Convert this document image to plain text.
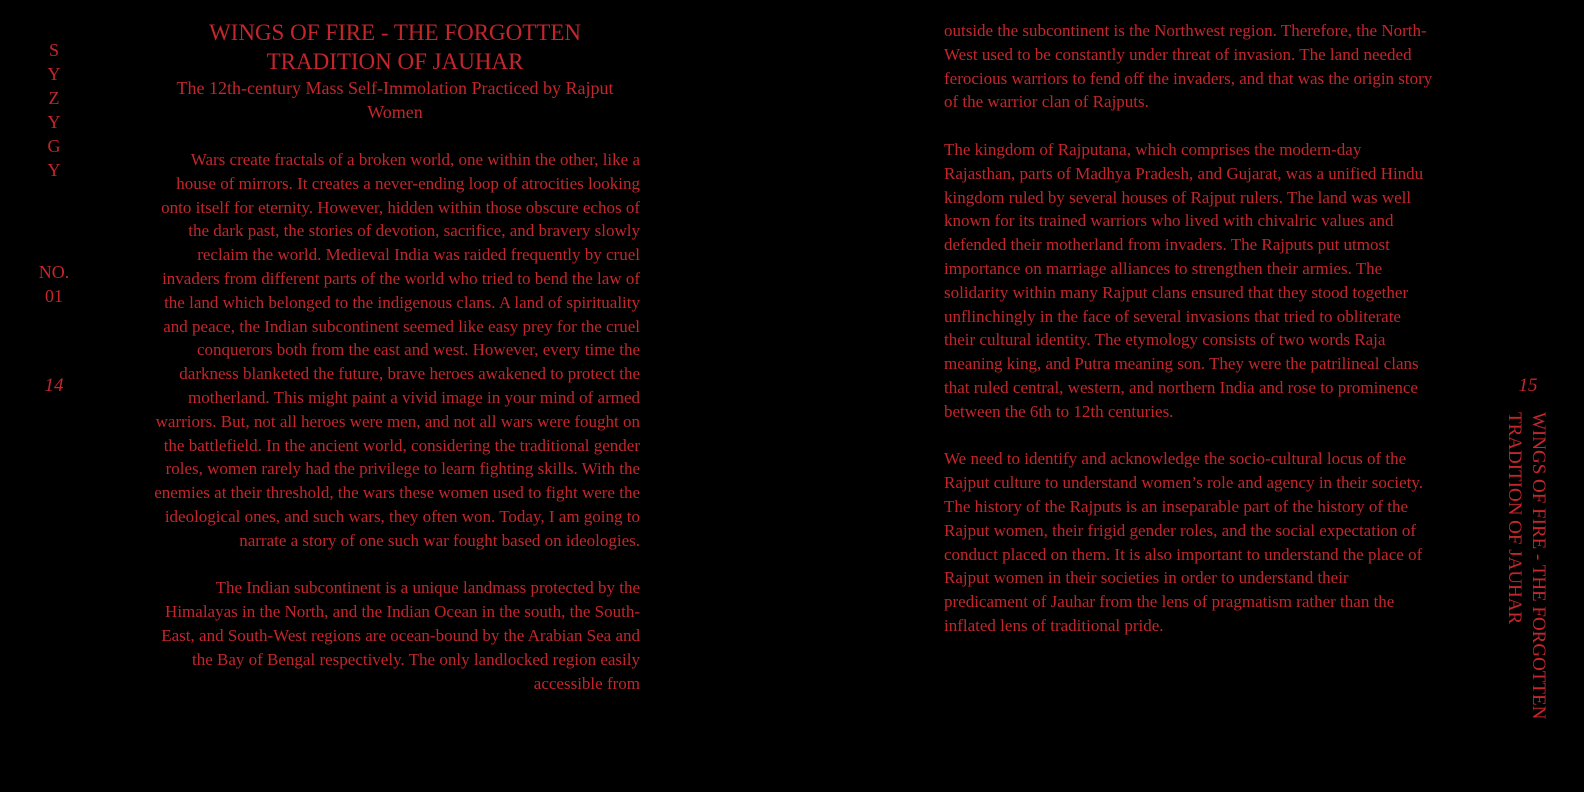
S
Y
Z
Y
G
Y
NO.
01
14
WINGS OF FIRE - THE FORGOTTEN TRADITION OF JAUHAR
The 12th-century Mass Self-Immolation Practiced by Rajput Women

Wars create fractals of a broken world, one within the other, like a house of mirrors. It creates a never-ending loop of atrocities looking onto itself for eternity. However, hidden within those obscure echos of the dark past, the stories of devotion, sacrifice, and bravery slowly reclaim the world. Medieval India was raided frequently by cruel invaders from different parts of the world who tried to bend the law of the land which belonged to the indigenous clans. A land of spirituality and peace, the Indian subcontinent seemed like easy prey for the cruel conquerors both from the east and west. However, every time the darkness blanketed the future, brave heroes awakened to protect the motherland. This might paint a vivid image in your mind of armed warriors. But, not all heroes were men, and not all wars were fought on the battlefield. In the ancient world, considering the traditional gender roles, women rarely had the privilege to learn fighting skills. With the enemies at their threshold, the wars these women used to fight were the ideological ones, and such wars, they often won. Today, I am going to narrate a story of one such war fought based on ideologies.

The Indian subcontinent is a unique landmass protected by the Himalayas in the North, and the Indian Ocean in the south, the South-East, and South-West regions are ocean-bound by the Arabian Sea and the Bay of Bengal respectively. The only landlocked region easily accessible from

outside the subcontinent is the Northwest region. Therefore, the North-West used to be constantly under threat of invasion. The land needed ferocious warriors to fend off the invaders, and that was the origin story of the warrior clan of Rajputs.

The kingdom of Rajputana, which comprises the modern-day Rajasthan, parts of Madhya Pradesh, and Gujarat, was a unified Hindu kingdom ruled by several houses of Rajput rulers. The land was well known for its trained warriors who lived with chivalric values and defended their motherland from invaders. The Rajputs put utmost importance on marriage alliances to strengthen their armies. The solidarity within many Rajput clans ensured that they stood together unflinchingly in the face of several invasions that tried to obliterate their cultural identity. The etymology consists of two words Raja meaning king, and Putra meaning son. They were the patrilineal clans that ruled central, western, and northern India and rose to prominence between the 6th to 12th centuries.

We need to identify and acknowledge the socio-cultural locus of the Rajput culture to understand women’s role and agency in their society. The history of the Rajputs is an inseparable part of the history of the Rajput women, their frigid gender roles, and the social expectation of conduct placed on them. It is also important to understand the place of Rajput women in their societies in order to understand their predicament of Jauhar from the lens of pragmatism rather than the inflated lens of traditional pride.

15
WINGS OF FIRE - THE FORGOTTEN
TRADITION OF JAUHAR
